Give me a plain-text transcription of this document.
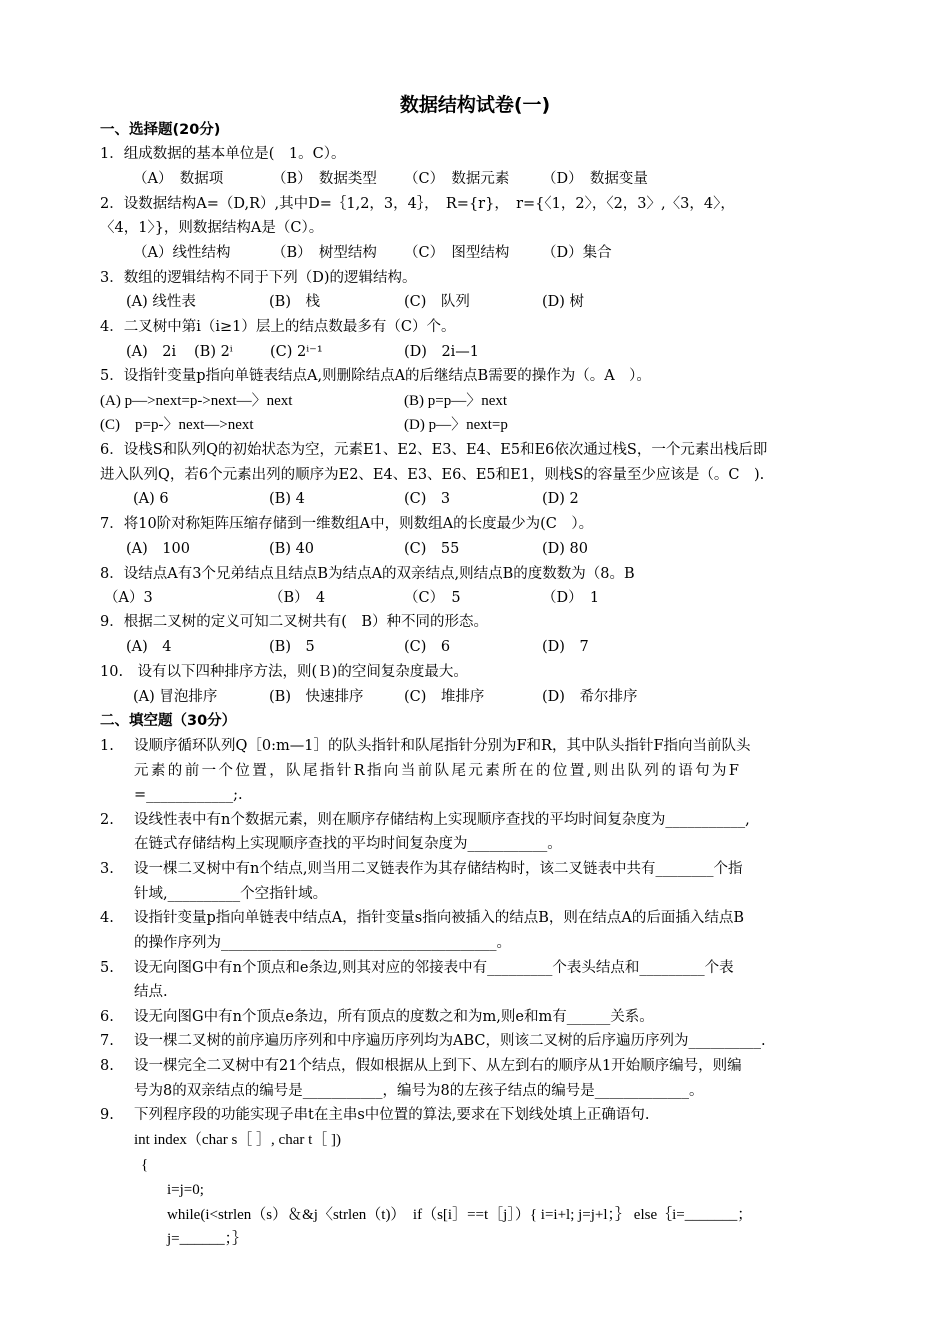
数据结构试卷(一)
一、选择题(20分)
1．组成数据的基本单位是(　1。C）。
（A）　数据项	（B）　数据类型 （C）　数据元素 （D）　数据变量
2．设数据结构A=（D,R）,其中D=｛1,2，3，4｝，　R={r}，　r={〈1，2〉，〈2，3〉,〈3，4〉，
〈4，1〉}，则数据结构A是（C）。
（A）线性结构	（B）　树型结构 （C）　图型结构 （D）集合
3．数组的逻辑结构不同于下列（D)的逻辑结构。
(A) 线性表	(B)　栈	(C)　队列	(D) 树
4．二叉树中第i（i≥1）层上的结点数最多有（C）个。
(A)　2i (B) 2ⁱ	(C) 2ⁱ⁻¹	(D)　2i—1
5．设指针变量p指向单链表结点A,则删除结点A的后继结点B需要的操作为（。A　）。
(A) p—>next=p->next—〉next	(B) p=p—〉next
(C)　p=p-〉next—>next	(D) p—〉next=p
6．设栈S和队列Q的初始状态为空，元素E1、E2、E3、E4、E5和E6依次通过栈S，一个元素出栈后即
进入队列Q，若6个元素出列的顺序为E2、E4、E3、E6、E5和E1，则栈S的容量至少应该是（。C　).
(A) 6	(B) 4	(C)　3	(D) 2
7．将10阶对称矩阵压缩存储到一维数组A中，则数组A的长度最少为(C　）。
(A)　100	(B) 40	(C)　55	(D) 80
8．设结点A有3个兄弟结点且结点B为结点A的双亲结点,则结点B的度数数为（8。B
（A）3	（B）　4	（C）　5	（D）　1
9．根据二叉树的定义可知二叉树共有(　B）种不同的形态。
(A)　4	(B)　5	(C)　6	(D)　7
10.　设有以下四种排序方法，则(Ｂ)的空间复杂度最大。
(A) 冒泡排序	(B)　快速排序	(C)　堆排序	(D)　希尔排序
二、填空题（30分）
1. 设顺序循环队列Q［0:m—1］的队头指针和队尾指针分别为F和R，其中队头指针F指向当前队头
元素的前一个位置，队尾指针R指向当前队尾元素所在的位置,则出队列的语句为F
=____________;.
2. 设线性表中有n个数据元素，则在顺序存储结构上实现顺序查找的平均时间复杂度为___________,
在链式存储结构上实现顺序查找的平均时间复杂度为___________。
3. 设一棵二叉树中有n个结点,则当用二叉链表作为其存储结构时，该二叉链表中共有________个指
针域,__________个空指针域。
4. 设指针变量p指向单链表中结点A，指针变量s指向被插入的结点B，则在结点A的后面插入结点B
的操作序列为______________________________________。
5. 设无向图G中有n个顶点和e条边,则其对应的邻接表中有_________个表头结点和_________个表
结点.
6. 设无向图G中有n个顶点e条边，所有顶点的度数之和为m,则e和m有______关系。
7. 设一棵二叉树的前序遍历序列和中序遍历序列均为ABC，则该二叉树的后序遍历序列为__________.
8. 设一棵完全二叉树中有21个结点，假如根据从上到下、从左到右的顺序从1开始顺序编号，则编
号为8的双亲结点的编号是___________，编号为8的左孩子结点的编号是_____________。
9. 下列程序段的功能实现子串t在主串s中位置的算法,要求在下划线处填上正确语句.
int index（char s［ ］, char t［ ])
{
i=j=0;
while(i<strlen（s）＆&j〈strlen（t)）　if（s[i］==t［j］）{ i=i+l; j=j+l；｝ else｛i=_______；
j=______；｝
